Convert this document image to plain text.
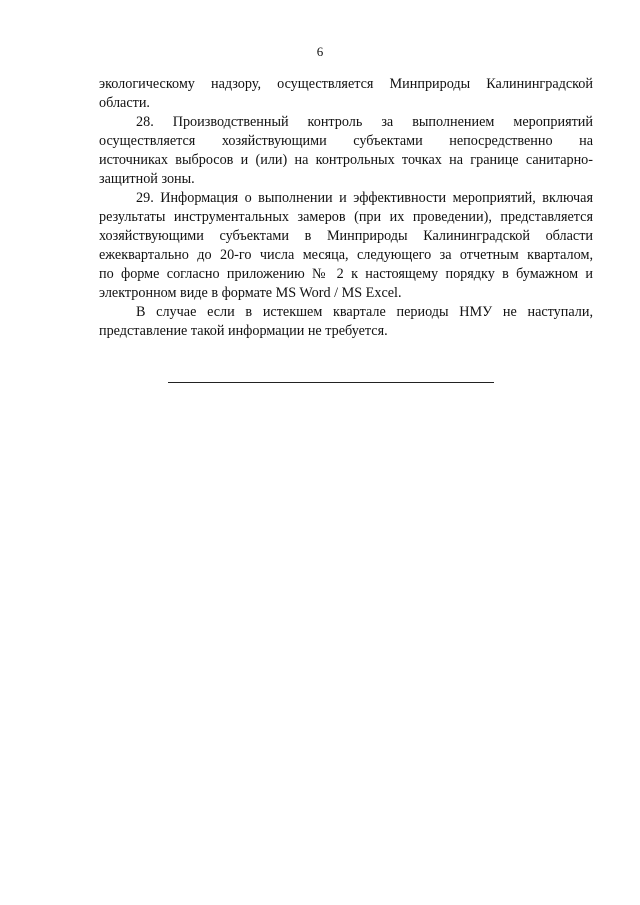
6
экологическому надзору, осуществляется Минприроды Калининградской
области.
28. Производственный контроль за выполнением мероприятий
осуществляется хозяйствующими субъектами непосредственно на
источниках выбросов и (или) на контрольных точках на границе санитарно-
защитной зоны.
29. Информация о выполнении и эффективности мероприятий, включая
результаты инструментальных замеров (при их проведении), представляется
хозяйствующими субъектами в Минприроды Калининградской области
ежеквартально до 20-го числа месяца, следующего за отчетным кварталом,
по форме согласно приложению № 2 к настоящему порядку в бумажном и
электронном виде в формате MS Word / MS Excel.
В случае если в истекшем квартале периоды НМУ не наступали,
представление такой информации не требуется.
